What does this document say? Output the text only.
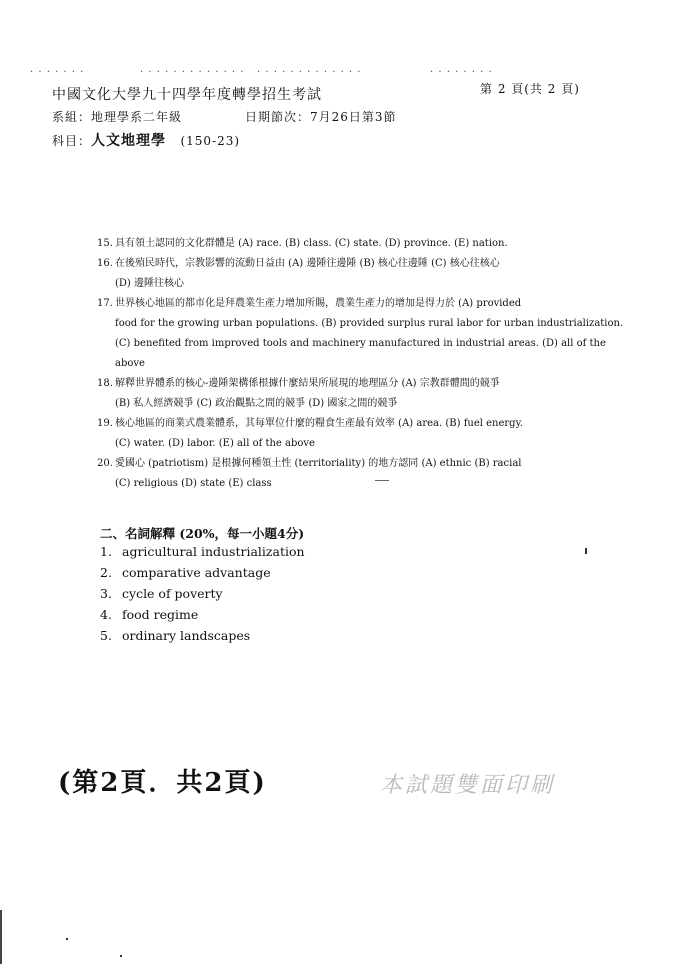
. . . . . . .	. . . . . . . . . . . . .   . . . . . . . . . . . . .	. . . . . . . .
中國文化大學九十四學年度轉學招生考試	第 2 頁(共 2 頁)
系組：地理學系二年級	日期節次：7月26日第3節
科目：人文地理學 (150-23)
15. 具有領土認同的文化群體是 (A) race. (B) class. (C) state. (D) province. (E) nation.
16. 在後殖民時代，宗教影響的流動日益由 (A) 邊陲往邊陲 (B) 核心往邊陲 (C) 核心往核心
(D) 邊陲往核心
17. 世界核心地區的都市化是拜農業生產力增加所賜，農業生產力的增加是得力於 (A) provided
food for the growing urban populations. (B) provided surplus rural labor for urban industrialization.
(C) benefited from improved tools and machinery manufactured in industrial areas. (D) all of the
above
18. 解釋世界體系的核心-邊陲架構係根據什麼結果所展現的地理區分 (A) 宗教群體間的競爭
(B) 私人經濟競爭 (C) 政治觀點之間的競爭 (D) 國家之間的競爭
19. 核心地區的商業式農業體系，其每單位什麼的糧食生產最有效率 (A) area. (B) fuel energy.
(C) water. (D) labor. (E) all of the above
20. 愛國心 (patriotism) 是根據何種領土性 (territoriality) 的地方認同 (A) ethnic (B) racial
(C) religious (D) state (E) class
二、名詞解釋 (20%，每一小題4分)
1. agricultural industrialization
2. comparative advantage
3. cycle of poverty
4. food regime
5. ordinary landscapes
(第2頁．共2頁)	本試題雙面印刷
